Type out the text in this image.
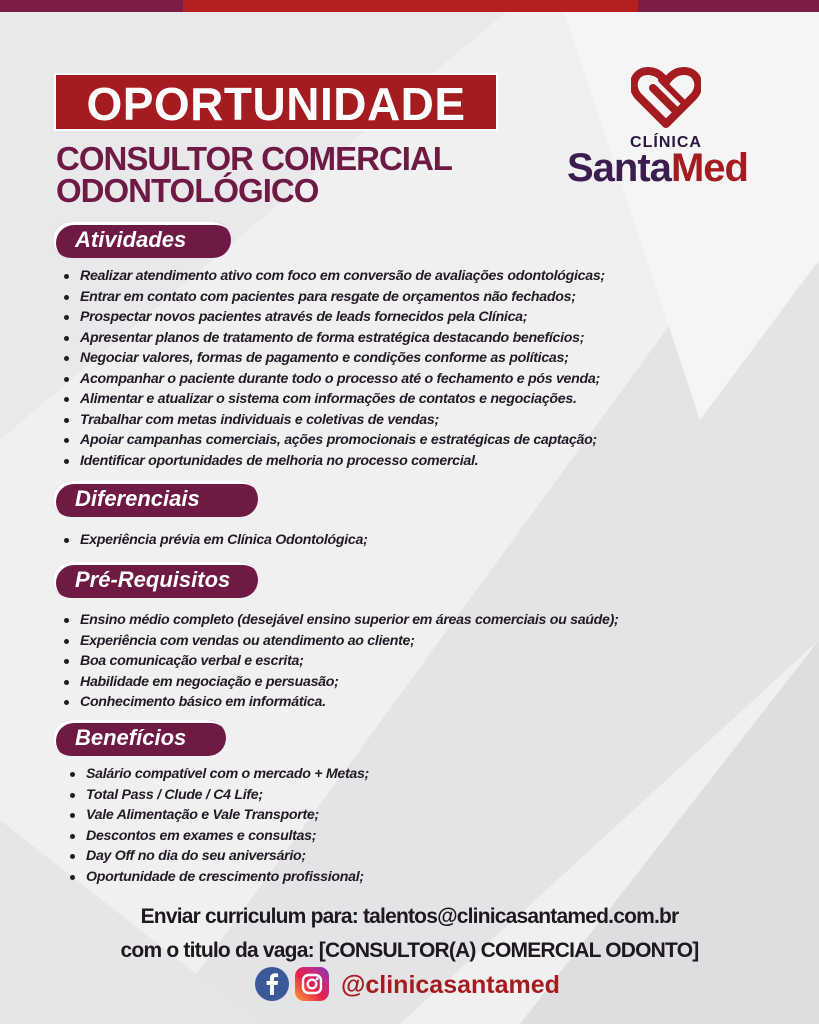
OPORTUNIDADE
CONSULTOR COMERCIAL
ODONTOLÓGICO
CLÍNICA
SantaMed
Atividades
Realizar atendimento ativo com foco em conversão de avaliações odontológicas;
Entrar em contato com pacientes para resgate de orçamentos não fechados;
Prospectar novos pacientes através de leads fornecidos pela Clínica;
Apresentar planos de tratamento de forma estratégica destacando benefícios;
Negociar valores, formas de pagamento e condições conforme as políticas;
Acompanhar o paciente durante todo o processo até o fechamento e pós venda;
Alimentar e atualizar o sistema com informações de contatos e negociações.
Trabalhar com metas individuais e coletivas de vendas;
Apoiar campanhas comerciais, ações promocionais e estratégicas de captação;
Identificar oportunidades de melhoria no processo comercial.
Diferenciais
Experiência prévia em Clínica Odontológica;
Pré-Requisitos
Ensino médio completo (desejável ensino superior em áreas comerciais ou saúde);
Experiência com vendas ou atendimento ao cliente;
Boa comunicação verbal e escrita;
Habilidade em negociação e persuasão;
Conhecimento básico em informática.
Benefícios
Salário compatível com o mercado + Metas;
Total Pass / Clude / C4 Life;
Vale Alimentação e Vale Transporte;
Descontos em exames e consultas;
Day Off no dia do seu aniversário;
Oportunidade de crescimento profissional;
Enviar curriculum para: talentos@clinicasantamed.com.br
com o titulo da vaga: [CONSULTOR(A) COMERCIAL ODONTO]
@clinicasantamed
